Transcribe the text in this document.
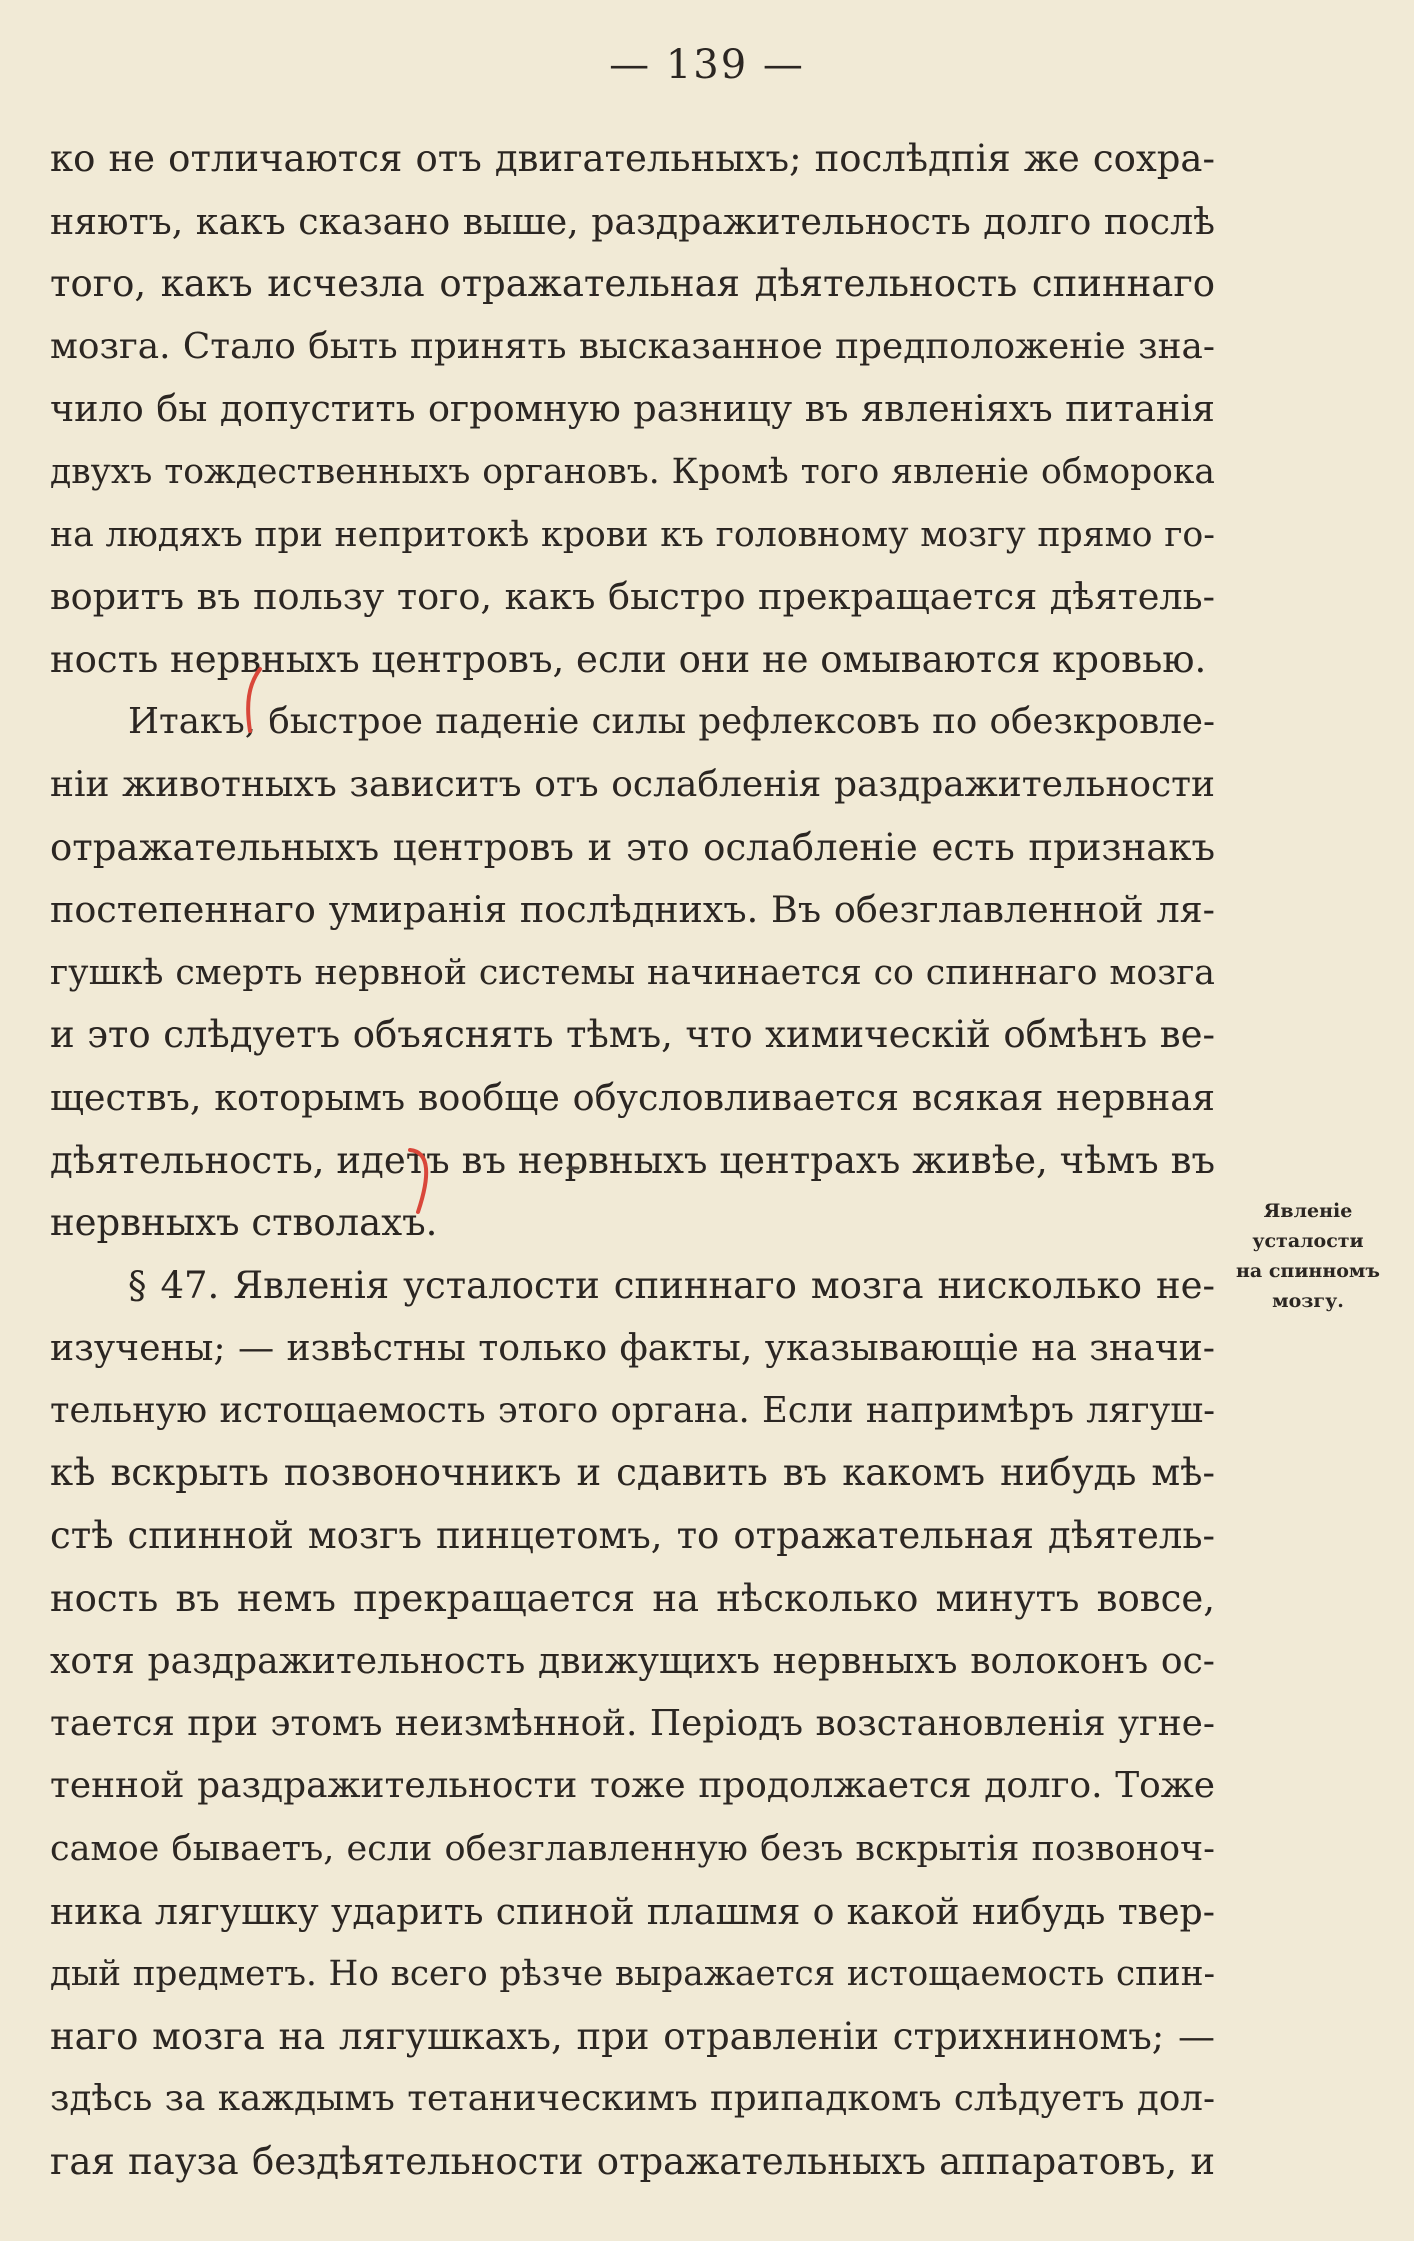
— 139 —
ко не отличаются отъ двигательныхъ; послѣдпія же сохра-
няютъ, какъ сказано выше, раздражительность долго послѣ
того, какъ исчезла отражательная дѣятельность спиннаго
мозга. Стало быть принять высказанное предположеніе зна-
чило бы допустить огромную разницу въ явленіяхъ питанія
двухъ тождественныхъ органовъ. Кромѣ того явленіе обморока
на людяхъ при непритокѣ крови къ головному мозгу прямо го-
воритъ въ пользу того, какъ быстро прекращается дѣятель-
ность нервныхъ центровъ, если они не омываются кровью.
Итакъ, быстрое паденіе силы рефлексовъ по обезкровле-
ніи животныхъ зависитъ отъ ослабленія раздражительности
отражательныхъ центровъ и это ослабленіе есть признакъ
постепеннаго умиранія послѣднихъ. Въ обезглавленной ля-
гушкѣ смерть нервной системы начинается со спиннаго мозга
и это слѣдуетъ объяснять тѣмъ, что химическій обмѣнъ ве-
ществъ, которымъ вообще обусловливается всякая нервная
дѣятельность, идетъ въ нервныхъ центрахъ живѣе, чѣмъ въ
нервныхъ стволахъ.
§ 47. Явленія усталости спиннаго мозга нисколько не-
изучены; — извѣстны только факты, указывающіе на значи-
тельную истощаемость этого органа. Если напримѣръ лягуш-
кѣ вскрыть позвоночникъ и сдавить въ какомъ нибудь мѣ-
стѣ спинной мозгъ пинцетомъ, то отражательная дѣятель-
ность въ немъ прекращается на нѣсколько минутъ вовсе,
хотя раздражительность движущихъ нервныхъ волоконъ ос-
тается при этомъ неизмѣнной. Періодъ возстановленія угне-
тенной раздражительности тоже продолжается долго. Тоже
самое бываетъ, если обезглавленную безъ вскрытія позвоноч-
ника лягушку ударить спиной плашмя о какой нибудь твер-
дый предметъ. Но всего рѣзче выражается истощаемость спин-
наго мозга на лягушкахъ, при отравленіи стрихниномъ; —
здѣсь за каждымъ тетаническимъ припадкомъ слѣдуетъ дол-
гая пауза бездѣятельности отражательныхъ аппаратовъ, и
Явленіе
усталости
на спинномъ
мозгу.
